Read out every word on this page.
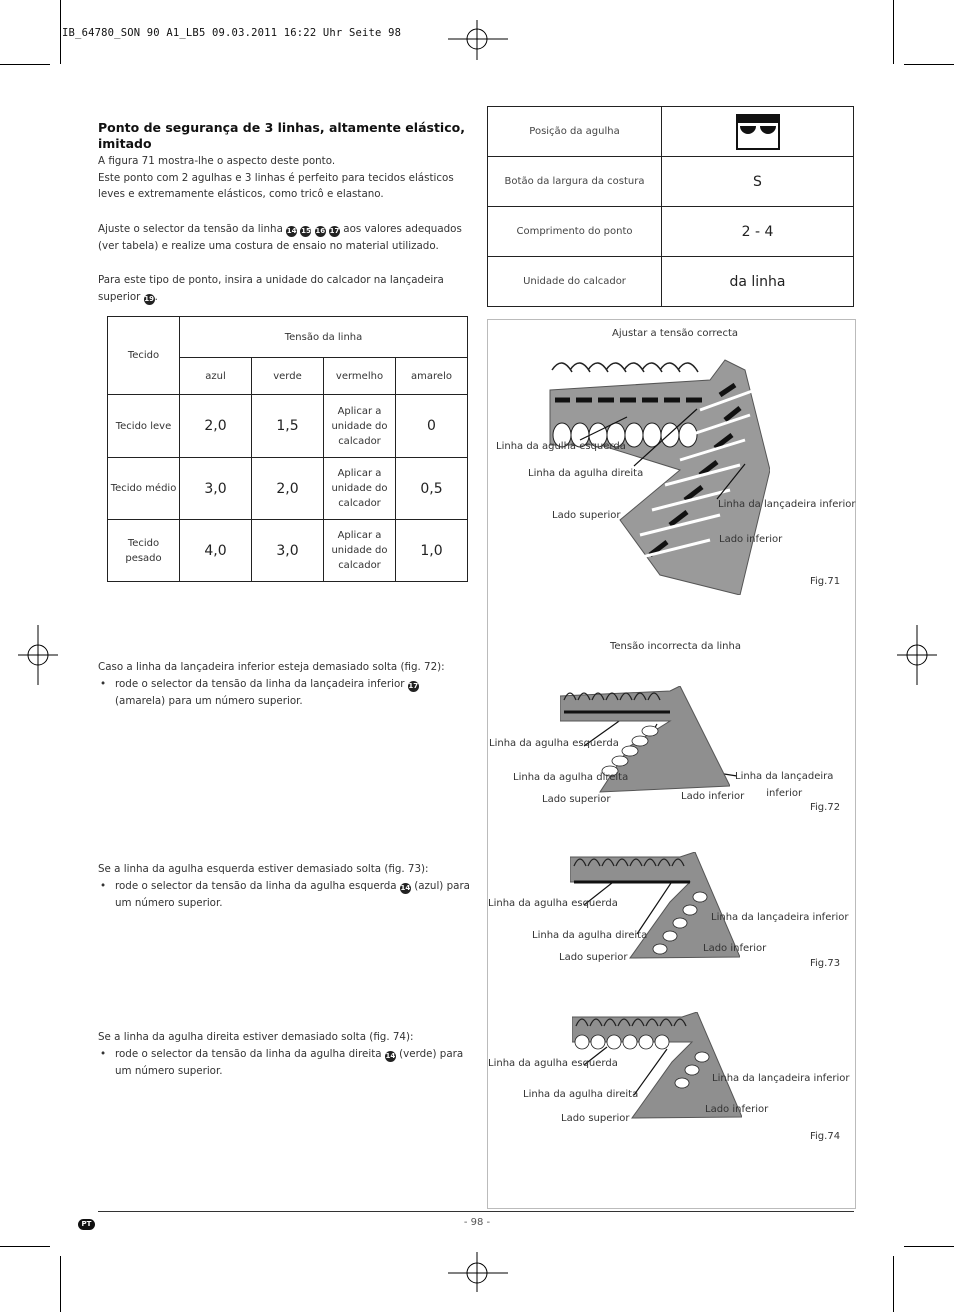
IB_64780_SON 90 A1_LB5 09.03.2011 16:22 Uhr Seite 98
Ponto de segurança de 3 linhas, altamente elástico, imitado
A figura 71 mostra-lhe o aspecto deste ponto.
Este ponto com 2 agulhas e 3 linhas é perfeito para tecidos elásticos leves e extremamente elásticos, como tricô e elastano.
Ajuste o selector da tensão da linha 14 15 16 17 aos valores adequados (ver tabela) e realize uma costura de ensaio no material utilizado.
Para este tipo de ponto, insira a unidade do calcador na lançadeira superior 19.
Tecido	Tensão da linha			
	azul	verde	vermelho	amarelo
Tecido leve	2,0	1,5	Aplicar a unidade do calcador	0
Tecido médio	3,0	2,0	Aplicar a unidade do calcador	0,5
Tecido pesado	4,0	3,0	Aplicar a unidade do calcador	1,0
Caso a linha da lançadeira inferior esteja demasiado solta (fig. 72):
• rode o selector da tensão da linha da lançadeira inferior 17 (amarela) para um número superior.
Se a linha da agulha esquerda estiver demasiado solta (fig. 73):
• rode o selector da tensão da linha da agulha esquerda 14 (azul) para um número superior.
Se a linha da agulha direita estiver demasiado solta (fig. 74):
• rode o selector da tensão da linha da agulha direita 14 (verde) para um número superior.
Posição da agulha	
Botão da largura da costura	S
Comprimento do ponto	2 - 4
Unidade do calcador	da linha
Ajustar a tensão correcta
Linha da agulha esquerda
Linha da agulha direita
Linha da lançadeira inferior
Lado superior
Lado inferior
Fig.71
Tensão incorrecta da linha
Linha da agulha esquerda
Linha da agulha direita	Linha da lançadeira
inferior
Lado superior	Lado inferior
Fig.72
Linha da agulha esquerda
Linha da lançadeira inferior
Linha da agulha direita
Lado inferior
Lado superior
Fig.73
Linha da agulha esquerda
Linha da lançadeira inferior
Linha da agulha direita
Lado inferior
Lado superior
Fig.74
PT	- 98 -
